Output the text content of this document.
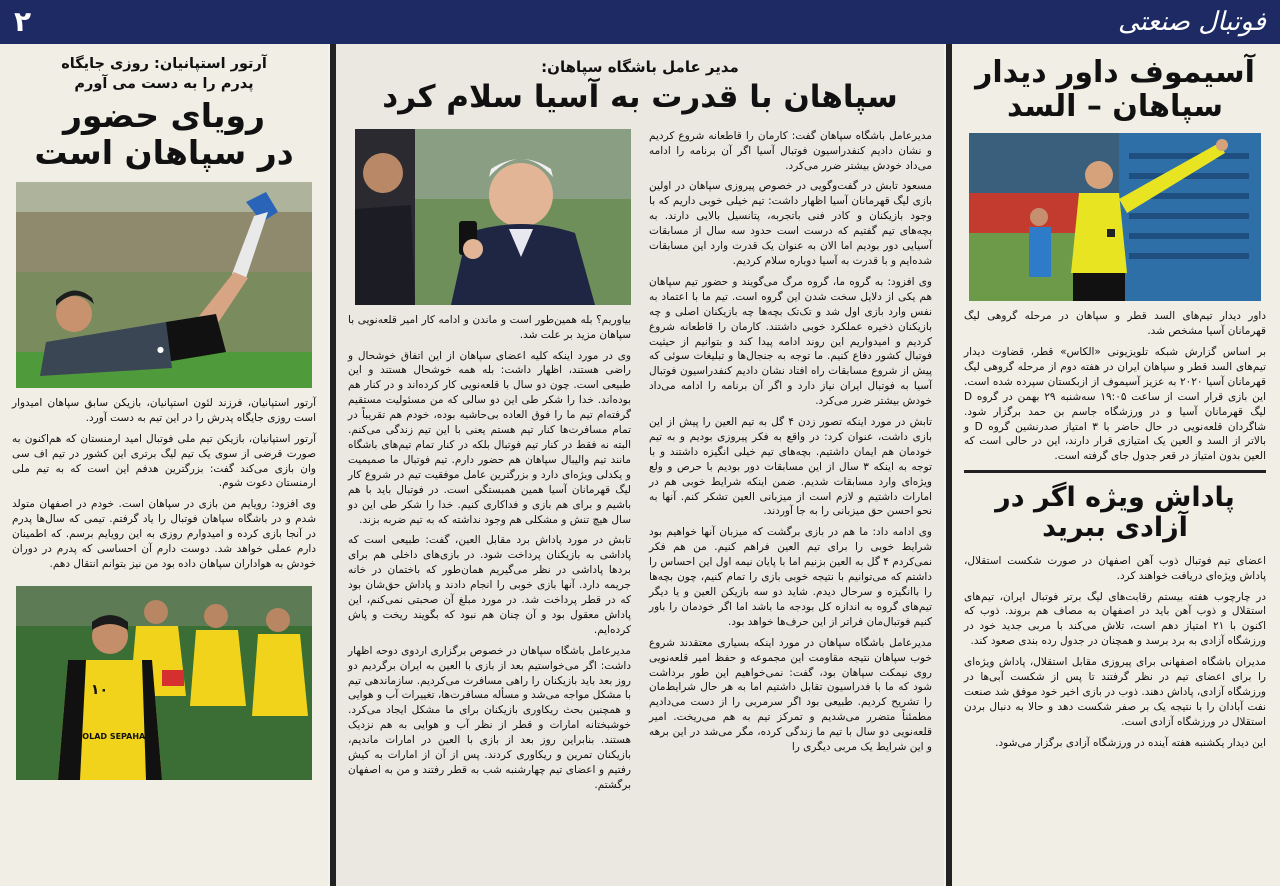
۲	فوتبال صنعتی
آسیموف داور دیدار
سپاهان – السد

داور دیدار تیم‌های السد قطر و سپاهان در مرحله گروهی لیگ قهرمانان آسیا مشخص شد.

بر اساس گزارش شبکه تلویزیونی «الکاس» قطر، قضاوت دیدار تیم‌های السد قطر و سپاهان ایران در هفته دوم از مرحله گروهی لیگ قهرمانان آسیا ۲۰۲۰ به عزیز آسیموف از ازبکستان سپرده شده است. این بازی قرار است از ساعت ۱۹:۰۵ سه‌شنبه ۲۹ بهمن در گروه D لیگ قهرمانان آسیا و در ورزشگاه جاسم بن حمد برگزار شود. شاگردان قلعه‌نویی در حال حاضر با ۳ امتیاز صدرنشین گروه D و بالاتر از السد و العین یک امتیازی قرار دارند، این در حالی است که العین بدون امتیاز در قعر جدول جای گرفته است.

پاداش ویژه اگر در
آزادی ببرید

اعضای تیم فوتبال ذوب آهن اصفهان در صورت شکست استقلال، پاداش ویژه‌ای دریافت خواهند کرد.

در چارچوب هفته بیستم رقابت‌های لیگ برتر فوتبال ایران، تیم‌های استقلال و ذوب آهن باید در اصفهان به مصاف هم بروند. ذوب که اکنون با ۲۱ امتیاز دهم است، تلاش می‌کند با مربی جدید خود در ورزشگاه آزادی به برد برسد و همچنان در جدول رده بندی صعود کند.

مدیران باشگاه اصفهانی برای پیروزی مقابل استقلال، پاداش ویژه‌ای را برای اعضای تیم در نظر گرفتند تا پس از شکست آبی‌ها در ورزشگاه آزادی، پاداش دهند. ذوب در بازی اخیر خود موفق شد صنعت نفت آبادان را با نتیجه یک بر صفر شکست دهد و حالا به دنبال بردن استقلال در ورزشگاه آزادی است.

این دیدار یکشنبه هفته آینده در ورزشگاه آزادی برگزار می‌شود.

مدیر عامل باشگاه سپاهان:
سپاهان با قدرت به آسیا سلام کرد

مدیرعامل باشگاه سپاهان گفت: کارمان را قاطعانه شروع کردیم و نشان دادیم کنفدراسیون فوتبال آسیا اگر آن برنامه را ادامه می‌داد خودش بیشتر ضرر می‌کرد.

مسعود تابش در گفت‌وگویی در خصوص پیروزی سپاهان در اولین بازی لیگ قهرمانان آسیا اظهار داشت: تیم خیلی خوبی داریم که با وجود بازیکنان و کادر فنی باتجربه، پتانسیل بالایی دارند. به بچه‌های تیم گفتیم که درست است حدود سه سال از مسابقات آسیایی دور بودیم اما الان به عنوان یک قدرت وارد این مسابقات شده‌ایم و با قدرت به آسیا دوباره سلام کردیم.

وی افزود: به گروه ما، گروه مرگ می‌گویند و حضور تیم سپاهان هم یکی از دلایل سخت شدن این گروه است. تیم ما با اعتماد به نفس وارد بازی اول شد و تک‌تک بچه‌ها چه بازیکنان اصلی و چه بازیکنان ذخیره عملکرد خوبی داشتند. کارمان را قاطعانه شروع کردیم و امیدواریم این روند ادامه پیدا کند و بتوانیم از حیثیت فوتبال کشور دفاع کنیم. ما توجه به جنجال‌ها و تبلیغات سوئی که پیش از شروع مسابقات راه افتاد نشان دادیم کنفدراسیون فوتبال آسیا به فوتبال ایران نیاز دارد و اگر آن برنامه را ادامه می‌داد خودش بیشتر ضرر می‌کرد.

تابش در مورد اینکه تصور زدن ۴ گل به تیم العین را پیش از این بازی داشت، عنوان کرد: در واقع به فکر پیروزی بودیم و به تیم خودمان هم ایمان داشتیم. بچه‌های تیم خیلی انگیزه داشتند و با توجه به اینکه ۳ سال از این مسابقات دور بودیم با حرص و ولع ویژه‌ای وارد مسابقات شدیم. ضمن اینکه شرایط خوبی هم در امارات داشتیم و لازم است از میزبانی العین تشکر کنم. آنها به نحو احسن حق میزبانی را به جا آوردند.

وی ادامه داد: ما هم در بازی برگشت که میزبان آنها خواهیم بود شرایط خوبی را برای تیم العین فراهم کنیم. من هم فکر نمی‌کردم ۴ گل به العین بزنیم اما با پایان نیمه اول این احساس را داشتم که می‌توانیم با نتیجه خوبی بازی را تمام کنیم، چون بچه‌ها را باانگیزه و سرحال دیدم. شاید دو سه بازیکن العین و یا دیگر تیم‌های گروه به اندازه کل بودجه ما باشد اما اگر خودمان را باور کنیم فوتبال‌مان فراتر از این حرف‌ها خواهد بود.

مدیرعامل باشگاه سپاهان در مورد اینکه بسیاری معتقدند شروع خوب سپاهان نتیجه مقاومت این مجموعه و حفظ امیر قلعه‌نویی روی نیمکت سپاهان بود، گفت: نمی‌خواهیم این طور برداشت شود که ما با فدراسیون تقابل داشتیم اما به هر حال شرایط‌مان را تشریح کردیم. طبیعی بود اگر سرمربی را از دست می‌دادیم مطمئناً متضرر می‌شدیم و تمرکز تیم به هم می‌ریخت. امیر قلعه‌نویی دو سال با تیم ما زندگی کرده، مگر می‌شد در این برهه و این شرایط یک مربی دیگری را

بیاوریم؟ بله همین‌طور است و ماندن و ادامه کار امیر قلعه‌نویی با سپاهان مزید بر علت شد.

وی در مورد اینکه کلیه اعضای سپاهان از این اتفاق خوشحال و راضی هستند، اظهار داشت: بله همه خوشحال هستند و این طبیعی است. چون دو سال با قلعه‌نویی کار کرده‌اند و در کنار هم بوده‌اند. خدا را شکر طی این دو سالی که من مسئولیت مستقیم گرفته‌ام تیم ما را فوق العاده بی‌حاشیه بوده، خودم هم تقریباً در تمام مسافرت‌ها کنار تیم هستم یعنی با این تیم زندگی می‌کنم. البته نه فقط در کنار تیم فوتبال بلکه در کنار تمام تیم‌های باشگاه مانند تیم والیبال سپاهان هم حضور دارم. تیم فوتبال ما صمیمیت و یکدلی ویژه‌ای دارد و بزرگترین عامل موفقیت تیم در شروع کار لیگ قهرمانان آسیا همین همبستگی است. در فوتبال باید با هم باشیم و برای هم بازی و فداکاری کنیم. خدا را شکر طی این دو سال هیچ تنش و مشکلی هم وجود نداشته که به تیم ضربه بزند.

تابش در مورد پاداش برد مقابل العین، گفت: طبیعی است که پاداشی به بازیکنان پرداخت شود. در بازی‌های داخلی هم برای بردها پاداشی در نظر می‌گیریم همان‌طور که باختمان در خانه جریمه دارد. آنها بازی خوبی را انجام دادند و پاداش حق‌شان بود که در قطر پرداخت شد. در مورد مبلغ آن صحبتی نمی‌کنم، این پاداش معقول بود و آن چنان هم نبود که بگویند ریخت و پاش کرده‌ایم.

مدیرعامل باشگاه سپاهان در خصوص برگزاری اردوی دوحه اظهار داشت: اگر می‌خواستیم بعد از بازی با العین به ایران برگردیم دو روز بعد باید بازیکنان را راهی مسافرت می‌کردیم. سازماندهی تیم با مشکل مواجه می‌شد و مسأله مسافرت‌ها، تغییرات آب و هوایی و همچنین بحث ریکاوری بازیکنان برای ما مشکل ایجاد می‌کرد. خوشبختانه امارات و قطر از نظر آب و هوایی به هم نزدیک هستند. بنابراین روز بعد از بازی با العین در امارات ماندیم، بازیکنان تمرین و ریکاوری کردند. پس از آن از امارات به کیش رفتیم و اعضای تیم چهارشنبه شب به قطر رفتند و من به اصفهان برگشتم.

آرتور استپانیان: روزی جایگاه
پدرم را به دست می آورم
رویای حضور
در سپاهان است
●

آرتور استپانیان، فرزند لئون استپانیان، بازیکن سابق سپاهان امیدوار است روزی جایگاه پدرش را در این تیم به دست آورد.

آرتور استپانیان، بازیکن تیم ملی فوتبال امید ارمنستان که هم‌اکنون به صورت قرضی از سوی یک تیم لیگ برتری این کشور در تیم اف سی وان بازی می‌کند گفت: بزرگترین هدفم این است که به تیم ملی ارمنستان دعوت شوم.

وی افزود: رویایم من بازی در سپاهان است. خودم در اصفهان متولد شدم و در باشگاه سپاهان فوتبال را یاد گرفتم. تیمی که سال‌ها پدرم در آنجا بازی کرده و امیدوارم روزی به این رویایم برسم. که اطمینان دارم عملی خواهد شد. دوست دارم آن احساسی که پدرم در دوران خودش به هواداران سپاهان داده بود من نیز بتوانم انتقال دهم.

۱۰
FOOLAD SEPAHAN
